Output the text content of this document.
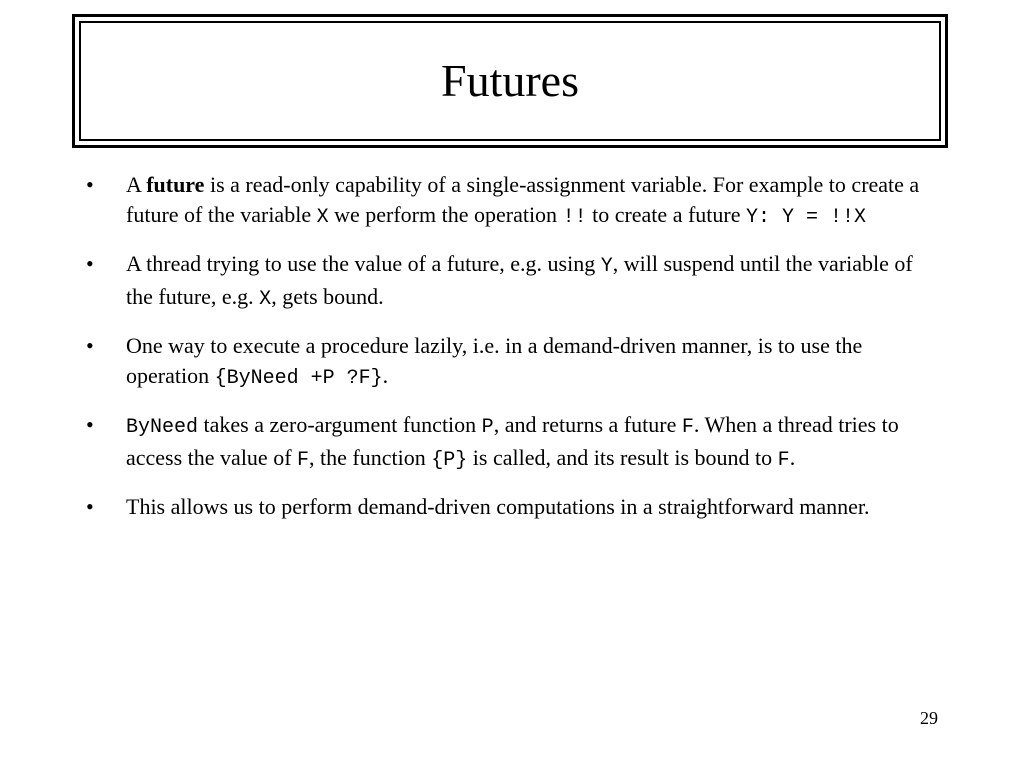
Futures
• A future is a read-only capability of a single-assignment variable. For example to create a future of the variable X we perform the operation !! to create a future Y: Y = !!X
• A thread trying to use the value of a future, e.g. using Y, will suspend until the variable of the future, e.g. X, gets bound.
• One way to execute a procedure lazily, i.e. in a demand-driven manner, is to use the operation {ByNeed +P ?F}.
• ByNeed takes a zero-argument function P, and returns a future F. When a thread tries to access the value of F, the function {P} is called, and its result is bound to F.
• This allows us to perform demand-driven computations in a straightforward manner.
29
